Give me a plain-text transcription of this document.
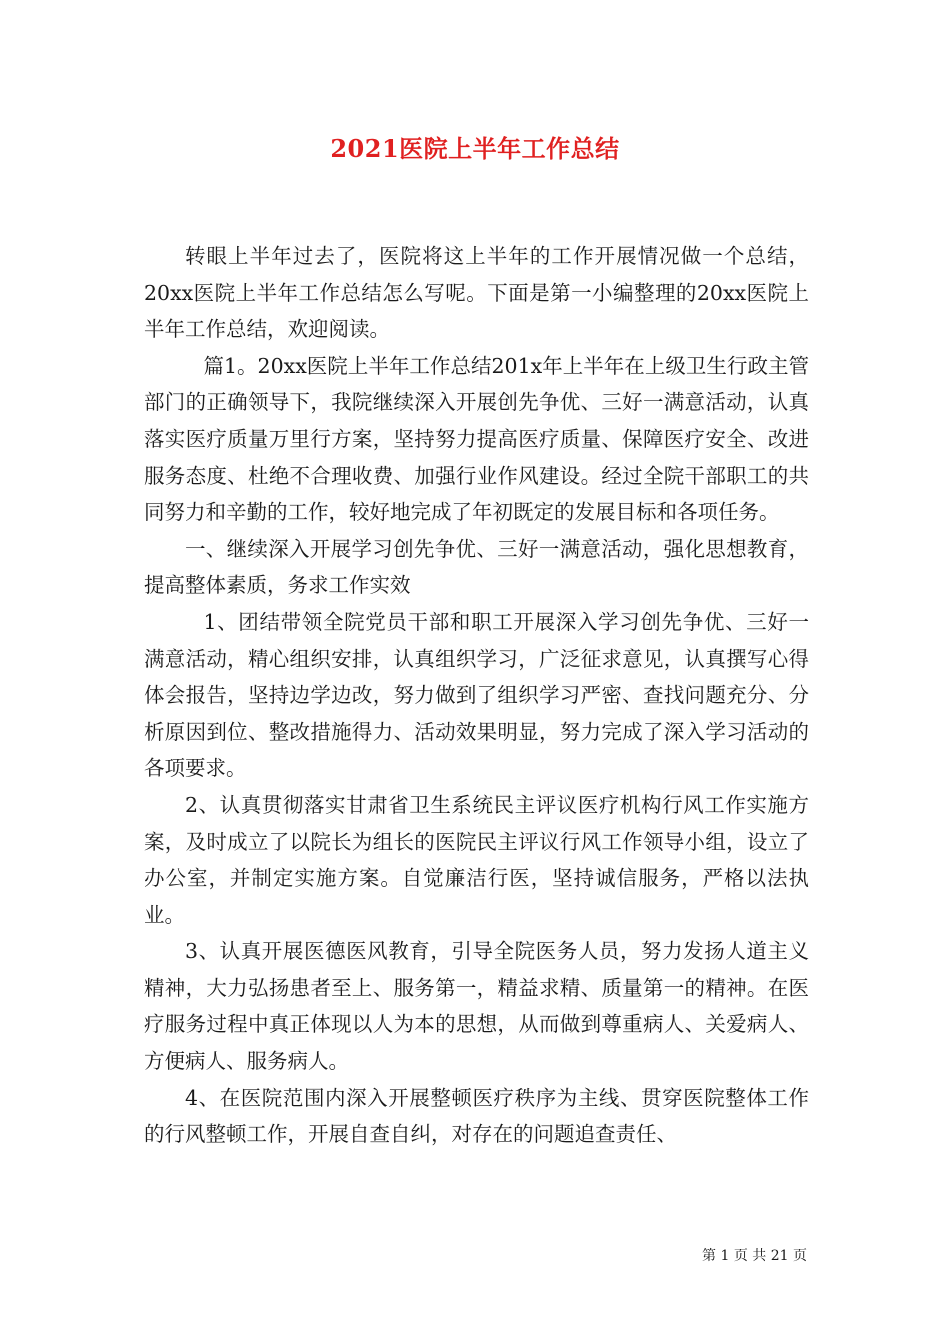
2021医院上半年工作总结

转眼上半年过去了，医院将这上半年的工作开展情况做一个总结，20xx医院上半年工作总结怎么写呢。下面是第一小编整理的20xx医院上半年工作总结，欢迎阅读。

篇1。20xx医院上半年工作总结201x年上半年在上级卫生行政主管部门的正确领导下，我院继续深入开展创先争优、三好一满意活动，认真落实医疗质量万里行方案，坚持努力提高医疗质量、保障医疗安全、改进服务态度、杜绝不合理收费、加强行业作风建设。经过全院干部职工的共同努力和辛勤的工作，较好地完成了年初既定的发展目标和各项任务。

一、继续深入开展学习创先争优、三好一满意活动，强化思想教育，提高整体素质，务求工作实效

1、团结带领全院党员干部和职工开展深入学习创先争优、三好一满意活动，精心组织安排，认真组织学习，广泛征求意见，认真撰写心得体会报告，坚持边学边改，努力做到了组织学习严密、查找问题充分、分析原因到位、整改措施得力、活动效果明显，努力完成了深入学习活动的各项要求。

2、认真贯彻落实甘肃省卫生系统民主评议医疗机构行风工作实施方案，及时成立了以院长为组长的医院民主评议行风工作领导小组，设立了办公室，并制定实施方案。自觉廉洁行医，坚持诚信服务，严格以法执业。

3、认真开展医德医风教育，引导全院医务人员，努力发扬人道主义精神，大力弘扬患者至上、服务第一，精益求精、质量第一的精神。在医疗服务过程中真正体现以人为本的思想，从而做到尊重病人、关爱病人、方便病人、服务病人。

4、在医院范围内深入开展整顿医疗秩序为主线、贯穿医院整体工作的行风整顿工作，开展自查自纠，对存在的问题追查责任、

第 1 页 共 21 页
